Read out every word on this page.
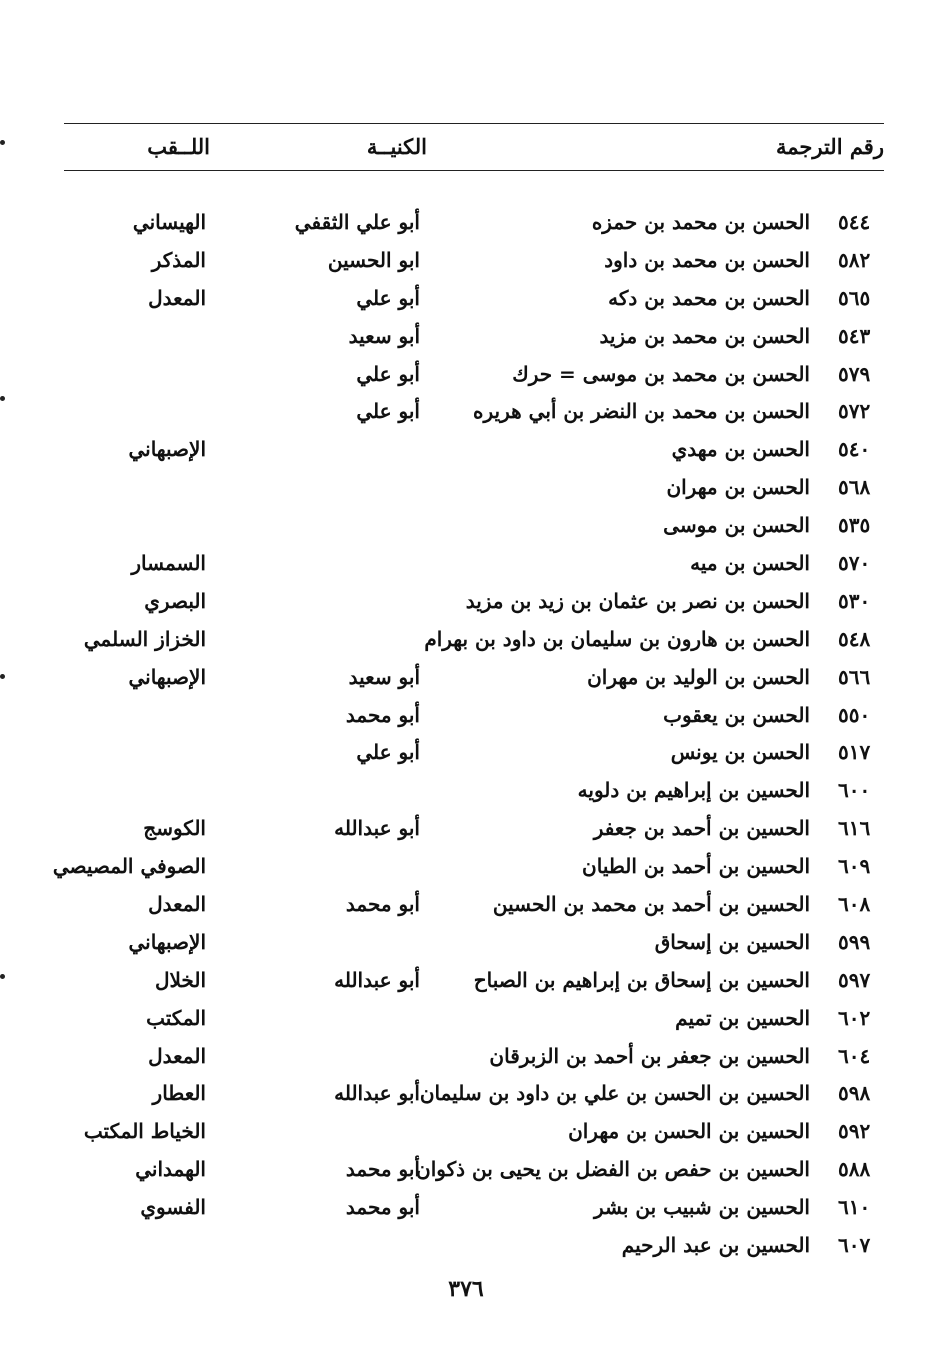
رقم الترجمة
الكنيــة
اللــقب
٥٤٤
الحسن بن محمد بن حمزه
أبو علي الثقفي
الهيساني
٥٨٢
الحسن بن محمد بن داود
ابو الحسين
المذكر
٥٦٥
الحسن بن محمد بن دكه
أبو علي
المعدل
٥٤٣
الحسن بن محمد بن مزيد
أبو سعيد
٥٧٩
الحسن بن محمد بن موسى = حرك
أبو علي
٥٧٢
الحسن بن محمد بن النضر بن أبي هريره
أبو علي
٥٤٠
الحسن بن مهدي
الإصبهاني
٥٦٨
الحسن بن مهران
٥٣٥
الحسن بن موسى
٥٧٠
الحسن بن ميه
السمسار
٥٣٠
الحسن بن نصر بن عثمان بن زيد بن مزيد
البصري
٥٤٨
الحسن بن هارون بن سليمان بن داود بن بهرام
الخزاز السلمي
٥٦٦
الحسن بن الوليد بن مهران
أبو سعيد
الإصبهاني
٥٥٠
الحسن بن يعقوب
أبو محمد
٥١٧
الحسن بن يونس
أبو علي
٦٠٠
الحسين بن إبراهيم بن دلويه
٦١٦
الحسين بن أحمد بن جعفر
أبو عبدالله
الكوسج
٦٠٩
الحسين بن أحمد بن الطيان
الصوفي المصيصي
٦٠٨
الحسين بن أحمد بن محمد بن الحسين
أبو محمد
المعدل
٥٩٩
الحسين بن إسحاق
الإصبهاني
٥٩٧
الحسين بن إسحاق بن إبراهيم بن الصباح
أبو عبدالله
الخلال
٦٠٢
الحسين بن تميم
المكتب
٦٠٤
الحسين بن جعفر بن أحمد بن الزبرقان
المعدل
٥٩٨
الحسين بن الحسن بن علي بن داود بن سليمان
أبو عبدالله
العطار
٥٩٢
الحسين بن الحسن بن مهران
الخياط المكتب
٥٨٨
الحسين بن حفص بن الفضل بن يحيى بن ذكوان
أبو محمد
الهمداني
٦١٠
الحسين بن شبيب بن بشر
أبو محمد
الفسوي
٦٠٧
الحسين بن عبد الرحيم
٣٧٦
